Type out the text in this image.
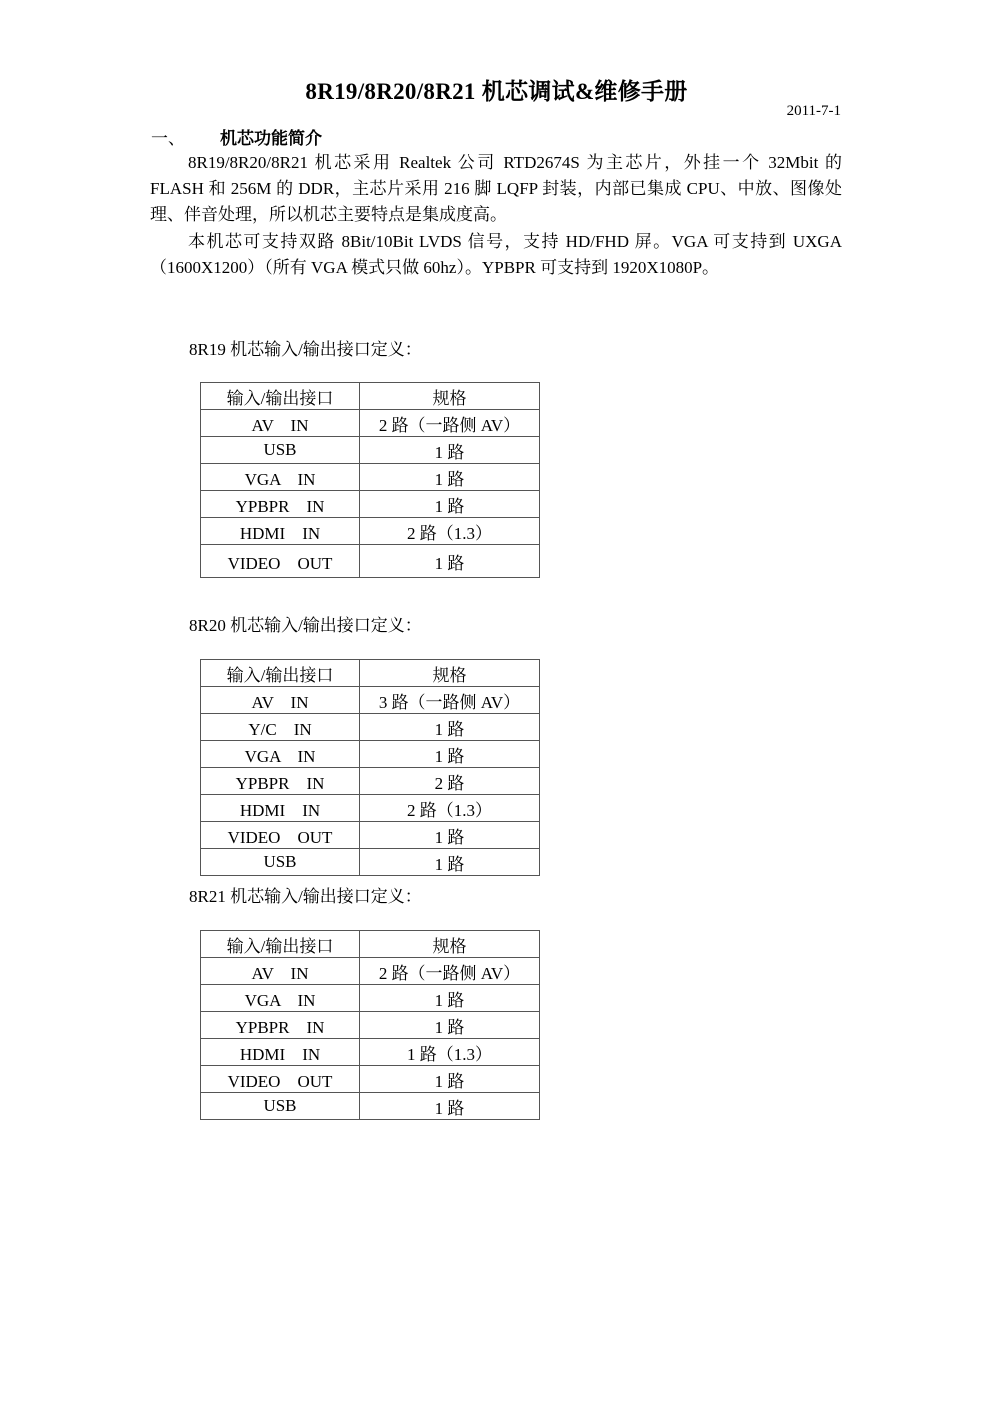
8R19/8R20/8R21 机芯调试&维修手册
2011-7-1
一、 机芯功能简介

8R19/8R20/8R21 机芯采用 Realtek 公司 RTD2674S 为主芯片，外挂一个 32Mbit 的 FLASH 和 256M 的 DDR，主芯片采用 216 脚 LQFP 封装，内部已集成 CPU、中放、图像处理、伴音处理，所以机芯主要特点是集成度高。

本机芯可支持双路 8Bit/10Bit LVDS 信号，支持 HD/FHD 屏。VGA 可支持到 UXGA（1600X1200）（所有 VGA 模式只做 60hz）。YPBPR 可支持到 1920X1080P。

8R19 机芯输入/输出接口定义：
输入/输出接口	规格
AV　IN	2 路（一路侧 AV）
USB	1 路
VGA　IN	1 路
YPBPR　IN	1 路
HDMI　IN	2 路（1.3）
VIDEO　OUT	1 路
8R20 机芯输入/输出接口定义：
输入/输出接口	规格
AV　IN	3 路（一路侧 AV）
Y/C　IN	1 路
VGA　IN	1 路
YPBPR　IN	2 路
HDMI　IN	2 路（1.3）
VIDEO　OUT	1 路
USB	1 路
8R21 机芯输入/输出接口定义：
输入/输出接口	规格
AV　IN	2 路（一路侧 AV）
VGA　IN	1 路
YPBPR　IN	1 路
HDMI　IN	1 路（1.3）
VIDEO　OUT	1 路
USB	1 路
